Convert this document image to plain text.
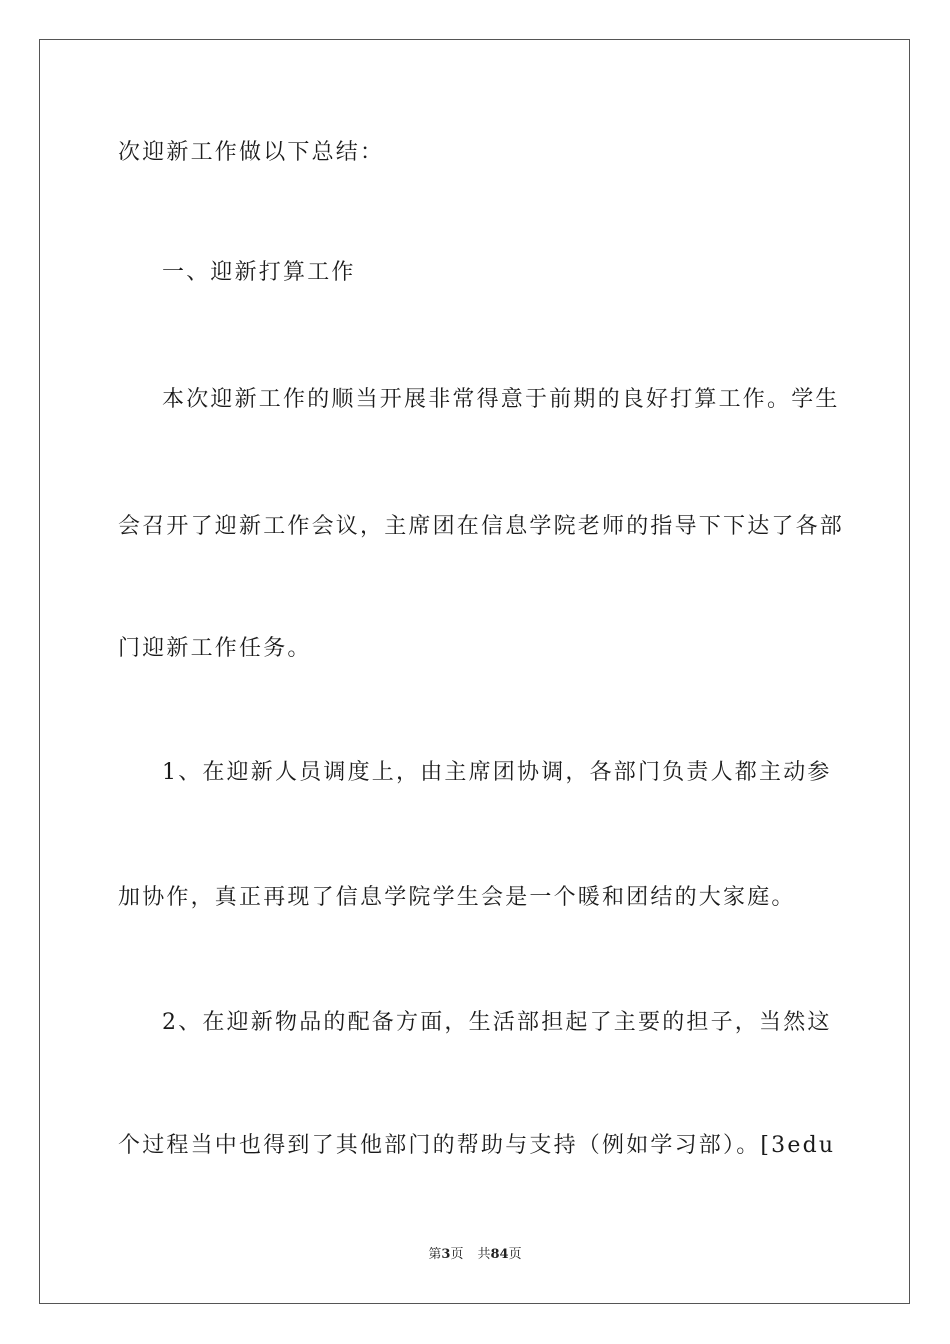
次迎新工作做以下总结：
一、迎新打算工作
本次迎新工作的顺当开展非常得意于前期的良好打算工作。学生
会召开了迎新工作会议，主席团在信息学院老师的指导下下达了各部
门迎新工作任务。
1、在迎新人员调度上，由主席团协调，各部门负责人都主动参
加协作，真正再现了信息学院学生会是一个暖和团结的大家庭。
2、在迎新物品的配备方面，生活部担起了主要的担子，当然这
个过程当中也得到了其他部门的帮助与支持（例如学习部）。[3edu
第3页 共84页
